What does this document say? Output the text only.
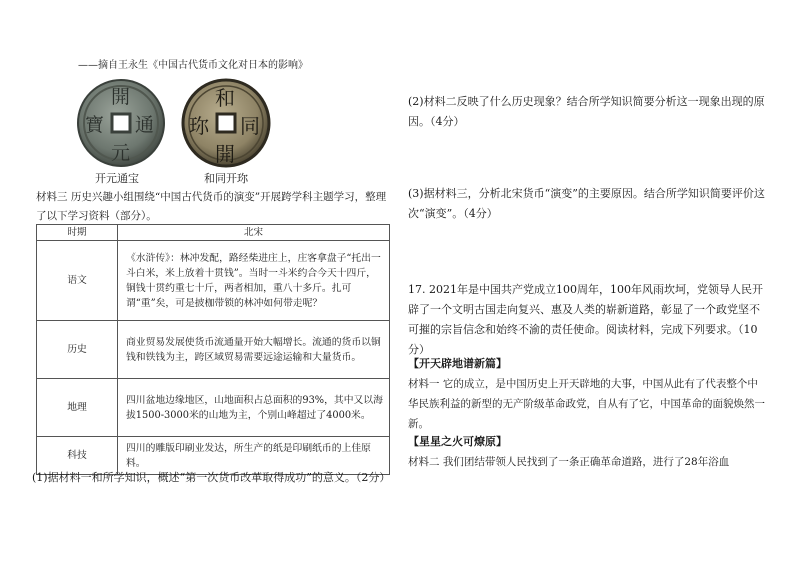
——摘自王永生《中国古代货币文化对日本的影响》
開
元
通
寶
开元通宝
和
開
同
珎
和同开珎
材料三 历史兴趣小组围绕“中国古代货币的演变”开展跨学科主题学习，整理了以下学习资料（部分）。
时期	北宋
语文	《水浒传》：林冲发配，路经柴进庄上，庄客拿盘子“托出一斗白米，米上放着十贯钱”。当时一斗米约合今天十四斤，铜钱十贯约重七十斤，两者相加，重八十多斤。扎可谓“重”矣，可是披枷带锁的林冲如何带走呢？
历史	商业贸易发展使货币流通量开始大幅增长。流通的货币以铜钱和铁钱为主，跨区域贸易需要远途运输和大量货币。
地理	四川盆地边缘地区，山地面积占总面积的93%，其中又以海拔1500-3000米的山地为主，个别山峰超过了4000米。
科技	四川的雕版印刷业发达，所生产的纸是印刷纸币的上佳原料。
(1)据材料一和所学知识，概述“第一次货币改革取得成功”的意义。（2分）
(2)材料二反映了什么历史现象？结合所学知识简要分析这一现象出现的原因。（4分）
(3)据材料三，分析北宋货币“演变”的主要原因。结合所学知识简要评价这次“演变”。（4分）
17. 2021年是中国共产党成立100周年，100年风雨坎坷，党领导人民开辟了一个文明古国走向复兴、惠及人类的崭新道路，彰显了一个政党坚不可摧的宗旨信念和始终不渝的责任使命。阅读材料，完成下列要求。（10分）
【开天辟地谱新篇】
材料一 它的成立，是中国历史上开天辟地的大事，中国从此有了代表整个中华民族利益的新型的无产阶级革命政党，自从有了它，中国革命的面貌焕然一新。
【星星之火可燎原】
材料二 我们团结带领人民找到了一条正确革命道路，进行了28年浴血
